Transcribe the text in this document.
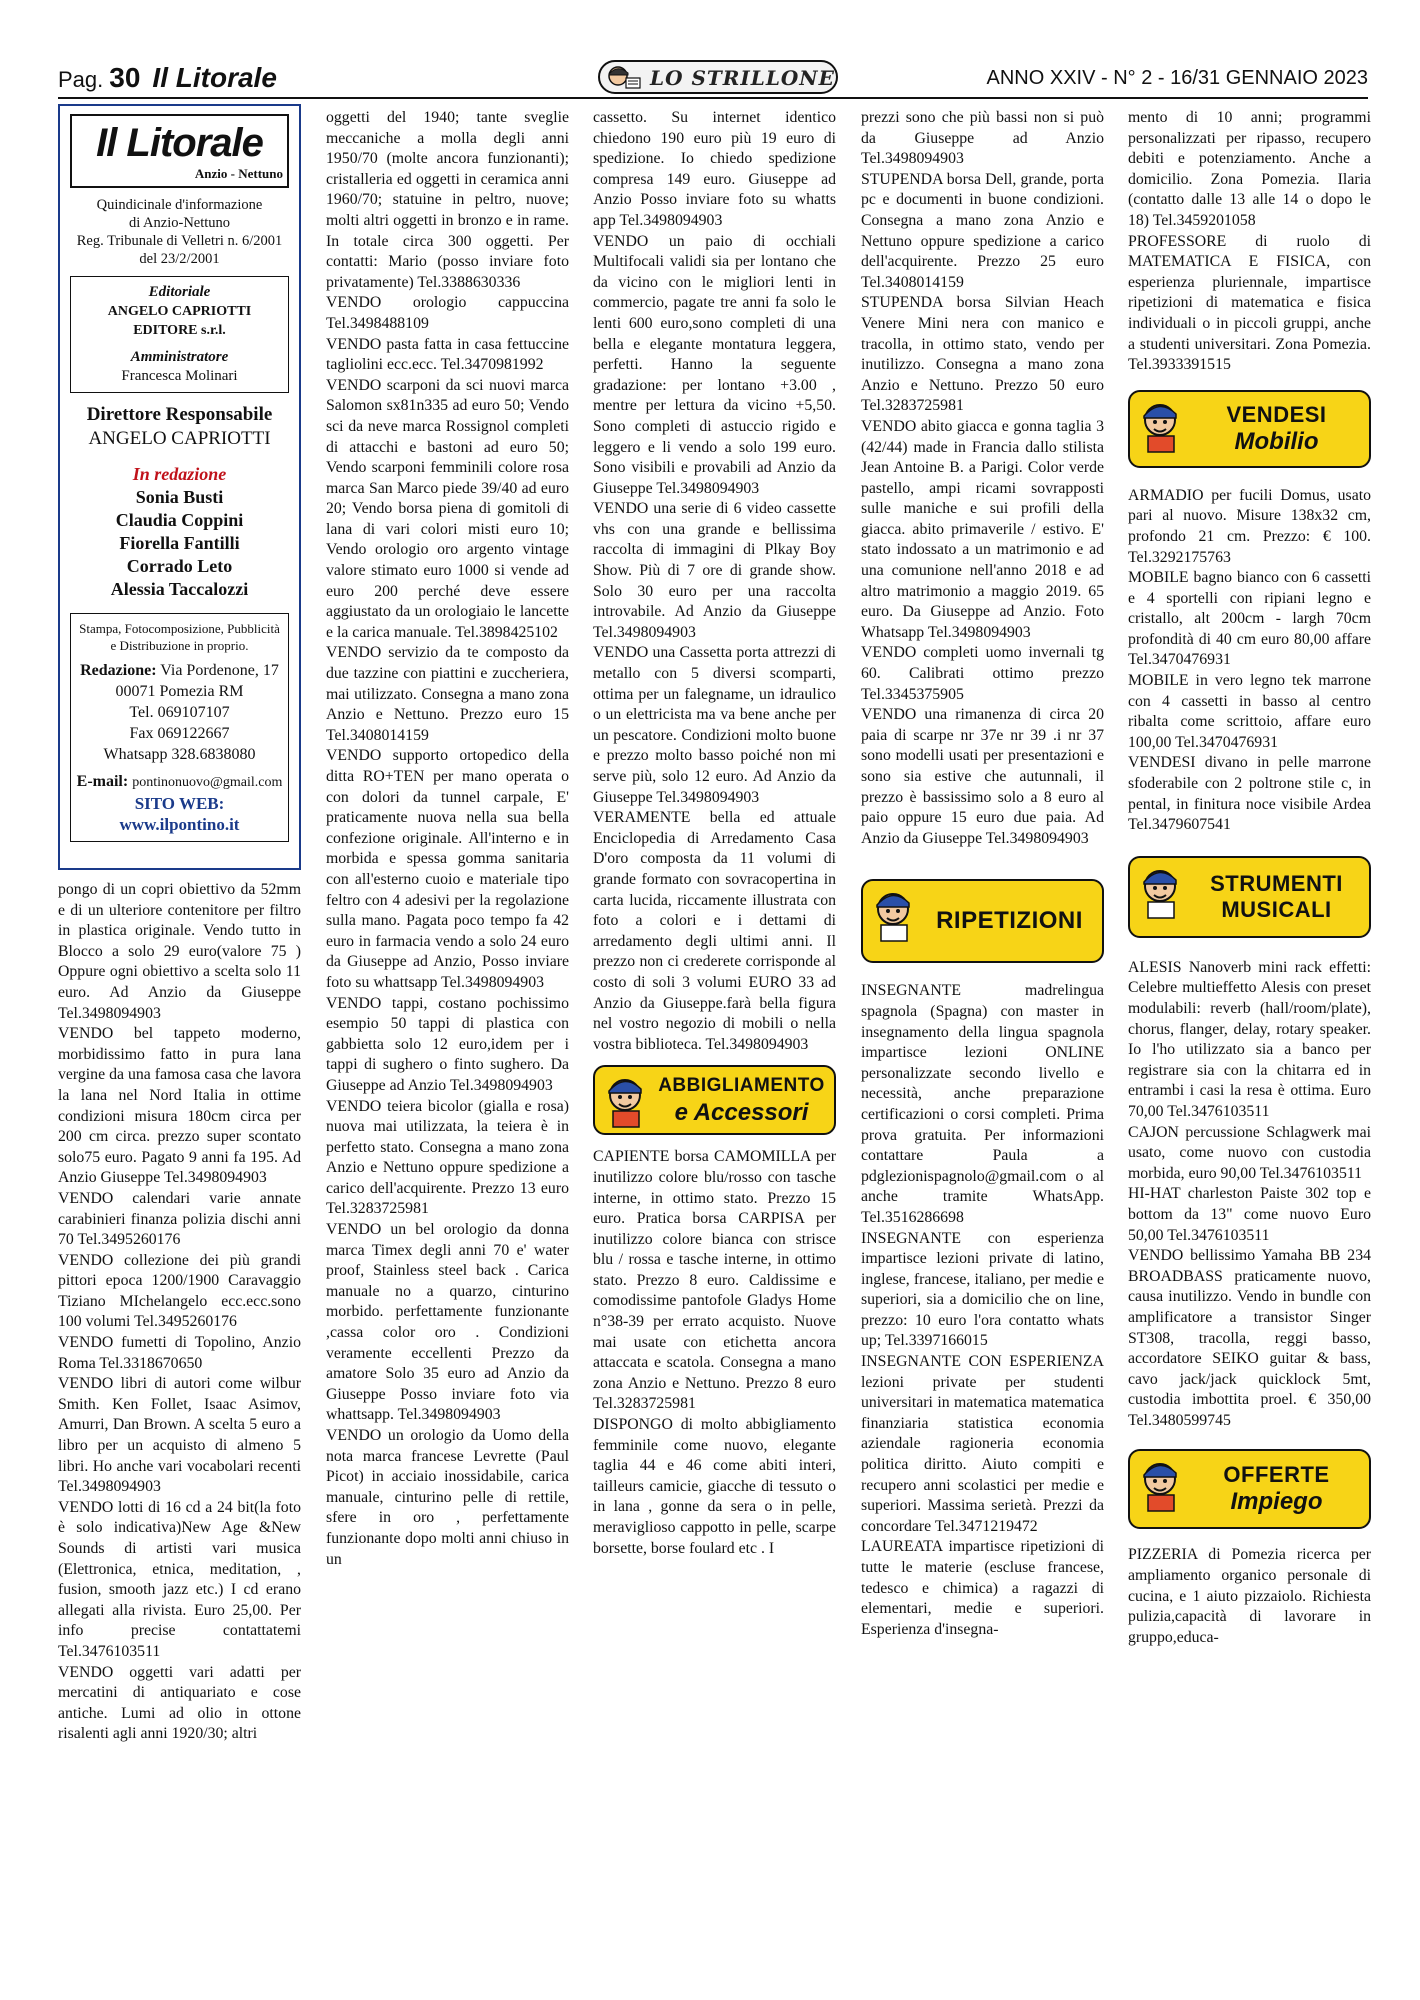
Pag. 30 Il Litorale	LO STRILLONE	ANNO XXIV - N° 2 - 16/31 GENNAIO 2023
Il Litorale
Anzio - Nettuno
Quindicinale d'informazione
di Anzio-Nettuno
Reg. Tribunale di Velletri n. 6/2001
del 23/2/2001
Editoriale
ANGELO CAPRIOTTI EDITORE s.r.l.
Amministratore
Francesca Molinari
Direttore Responsabile
ANGELO CAPRIOTTI
In redazione
Sonia Busti
Claudia Coppini
Fiorella Fantilli
Corrado Leto
Alessia Taccalozzi
Stampa, Fotocomposizione, Pubblicità e Distribuzione in proprio.
Redazione: Via Pordenone, 17
00071 Pomezia RM
Tel. 069107107
Fax 069122667
Whatsapp 328.6838080
E-mail: pontinonuovo@gmail.com
SITO WEB: www.ilpontino.it

pongo di un copri obiettivo da 52mm e di un ulteriore contenitore per filtro in plastica originale. Vendo tutto in Blocco a solo 29 euro(valore 75 ) Oppure ogni obiettivo a scelta solo 11 euro. Ad Anzio da Giuseppe Tel.3498094903

VENDO bel tappeto moderno, morbidissimo fatto in pura lana vergine da una famosa casa che lavora la lana nel Nord Italia in ottime condizioni misura 180cm circa per 200 cm circa. prezzo super scontato solo75 euro. Pagato 9 anni fa 195. Ad Anzio Giuseppe Tel.3498094903

VENDO calendari varie annate carabinieri finanza polizia dischi anni 70 Tel.3495260176

VENDO collezione dei più grandi pittori epoca 1200/1900 Caravaggio Tiziano MIchelangelo ecc.ecc.sono 100 volumi Tel.3495260176

VENDO fumetti di Topolino, Anzio Roma Tel.3318670650

VENDO libri di autori come wilbur Smith. Ken Follet, Isaac Asimov, Amurri, Dan Brown. A scelta 5 euro a libro per un acquisto di almeno 5 libri. Ho anche vari vocabolari recenti Tel.3498094903

VENDO lotti di 16 cd a 24 bit(la foto è solo indicativa)New Age &New Sounds di artisti vari musica (Elettronica, etnica, meditation, , fusion, smooth jazz etc.) I cd erano allegati alla rivista. Euro 25,00. Per info precise contattatemi Tel.3476103511

VENDO oggetti vari adatti per mercatini di antiquariato e cose antiche. Lumi ad olio in ottone risalenti agli anni 1920/30; altri

oggetti del 1940; tante sveglie meccaniche a molla degli anni 1950/70 (molte ancora funzionanti); cristalleria ed oggetti in ceramica anni 1960/70; statuine in peltro, nuove; molti altri oggetti in bronzo e in rame. In totale circa 300 oggetti. Per contatti: Mario (posso inviare foto privatamente) Tel.3388630336

VENDO orologio cappuccina Tel.3498488109

VENDO pasta fatta in casa fettuccine tagliolini ecc.ecc. Tel.3470981992

VENDO scarponi da sci nuovi marca Salomon sx81n335 ad euro 50; Vendo sci da neve marca Rossignol completi di attacchi e bastoni ad euro 50; Vendo scarponi femminili colore rosa marca San Marco piede 39/40 ad euro 20; Vendo borsa piena di gomitoli di lana di vari colori misti euro 10; Vendo orologio oro argento vintage valore stimato euro 1000 si vende ad euro 200 perché deve essere aggiustato da un orologiaio le lancette e la carica manuale. Tel.3898425102

VENDO servizio da te composto da due tazzine con piattini e zuccheriera, mai utilizzato. Consegna a mano zona Anzio e Nettuno. Prezzo euro 15 Tel.3408014159

VENDO supporto ortopedico della ditta RO+TEN per mano operata o con dolori da tunnel carpale, E' praticamente nuova nella sua bella confezione originale. All'interno e in morbida e spessa gomma sanitaria con all'esterno cuoio e materiale tipo feltro con 4 adesivi per la regolazione sulla mano. Pagata poco tempo fa 42 euro in farmacia vendo a solo 24 euro da Giuseppe ad Anzio, Posso inviare foto su whattsapp Tel.3498094903

VENDO tappi, costano pochissimo esempio 50 tappi di plastica con gabbietta solo 12 euro,idem per i tappi di sughero o finto sughero. Da Giuseppe ad Anzio Tel.3498094903

VENDO teiera bicolor (gialla e rosa) nuova mai utilizzata, la teiera è in perfetto stato. Consegna a mano zona Anzio e Nettuno oppure spedizione a carico dell'acquirente. Prezzo 13 euro Tel.3283725981

VENDO un bel orologio da donna marca Timex degli anni 70 e' water proof, Stainless steel back . Carica manuale no a quarzo, cinturino morbido. perfettamente funzionante ,cassa color oro . Condizioni veramente eccellenti Prezzo da amatore Solo 35 euro ad Anzio da Giuseppe Posso inviare foto via whattsapp. Tel.3498094903

VENDO un orologio da Uomo della nota marca francese Levrette (Paul Picot) in acciaio inossidabile, carica manuale, cinturino pelle di rettile, sfere in oro , perfettamente funzionante dopo molti anni chiuso in un

cassetto. Su internet identico chiedono 190 euro più 19 euro di spedizione. Io chiedo spedizione compresa 149 euro. Giuseppe ad Anzio Posso inviare foto su whatts app Tel.3498094903

VENDO un paio di occhiali Multifocali validi sia per lontano che da vicino con le migliori lenti in commercio, pagate tre anni fa solo le lenti 600 euro,sono completi di una bella e elegante montatura leggera, perfetti. Hanno la seguente gradazione: per lontano +3.00 , mentre per lettura da vicino +5,50. Sono completi di astuccio rigido e leggero e li vendo a solo 199 euro. Sono visibili e provabili ad Anzio da Giuseppe Tel.3498094903

VENDO una serie di 6 video cassette vhs con una grande e bellissima raccolta di immagini di Plkay Boy Show. Più di 7 ore di grande show. Solo 30 euro per una raccolta introvabile. Ad Anzio da Giuseppe Tel.3498094903

VENDO una Cassetta porta attrezzi di metallo con 5 diversi scomparti, ottima per un falegname, un idraulico o un elettricista ma va bene anche per un pescatore. Condizioni molto buone e prezzo molto basso poiché non mi serve più, solo 12 euro. Ad Anzio da Giuseppe Tel.3498094903

VERAMENTE bella ed attuale Enciclopedia di Arredamento Casa D'oro composta da 11 volumi di grande formato con sovracopertina in carta lucida, riccamente illustrata con foto a colori e i dettami di arredamento degli ultimi anni. Il prezzo non ci crederete corrisponde al costo di soli 3 volumi EURO 33 ad Anzio da Giuseppe.farà bella figura nel vostro negozio di mobili o nella vostra biblioteca. Tel.3498094903

ABBIGLIAMENTO
e Accessori

CAPIENTE borsa CAMOMILLA per inutilizzo colore blu/rosso con tasche interne, in ottimo stato. Prezzo 15 euro. Pratica borsa CARPISA per inutilizzo colore bianca con strisce blu / rossa e tasche interne, in ottimo stato. Prezzo 8 euro. Caldissime e comodissime pantofole Gladys Home n°38-39 per errato acquisto. Nuove mai usate con etichetta ancora attaccata e scatola. Consegna a mano zona Anzio e Nettuno. Prezzo 8 euro Tel.3283725981

DISPONGO di molto abbigliamento femminile come nuovo, elegante taglia 44 e 46 come abiti interi, tailleurs camicie, giacche di tessuto o in lana , gonne da sera o in pelle, meraviglioso cappotto in pelle, scarpe borsette, borse foulard etc . I

prezzi sono che più bassi non si può da Giuseppe ad Anzio Tel.3498094903

STUPENDA borsa Dell, grande, porta pc e documenti in buone condizioni. Consegna a mano zona Anzio e Nettuno oppure spedizione a carico dell'acquirente. Prezzo 25 euro Tel.3408014159

STUPENDA borsa Silvian Heach Venere Mini nera con manico e tracolla, in ottimo stato, vendo per inutilizzo. Consegna a mano zona Anzio e Nettuno. Prezzo 50 euro Tel.3283725981

VENDO abito giacca e gonna taglia 3 (42/44) made in Francia dallo stilista Jean Antoine B. a Parigi. Color verde pastello, ampi ricami sovrapposti sulle maniche e sui profili della giacca. abito primaverile / estivo. E' stato indossato a un matrimonio e ad una comunione nell'anno 2018 e ad altro matrimonio a maggio 2019. 65 euro. Da Giuseppe ad Anzio. Foto Whatsapp Tel.3498094903

VENDO completi uomo invernali tg 60. Calibrati ottimo prezzo Tel.3345375905

VENDO una rimanenza di circa 20 paia di scarpe nr 37e nr 39 .i nr 37 sono modelli usati per presentazioni e sono sia estive che autunnali, il prezzo è bassissimo solo a 8 euro al paio oppure 15 euro due paia. Ad Anzio da Giuseppe Tel.3498094903

RIPETIZIONI

INSEGNANTE madrelingua spagnola (Spagna) con master in insegnamento della lingua spagnola impartisce lezioni ONLINE personalizzate secondo livello e necessità, anche preparazione certificazioni o corsi completi. Prima prova gratuita. Per informazioni contattare Paula a pdglezionispagnolo@gmail.com o al anche tramite WhatsApp. Tel.3516286698

INSEGNANTE con esperienza impartisce lezioni private di latino, inglese, francese, italiano, per medie e superiori, sia a domicilio che on line, prezzo: 10 euro l'ora contatto whats up; Tel.3397166015

INSEGNANTE CON ESPERIENZA lezioni private per studenti universitari in matematica matematica finanziaria statistica economia aziendale ragioneria economia politica diritto. Aiuto compiti e recupero anni scolastici per medie e superiori. Massima serietà. Prezzi da concordare Tel.3471219472

LAUREATA impartisce ripetizioni di tutte le materie (escluse francese, tedesco e chimica) a ragazzi di elementari, medie e superiori. Esperienza d'insegna-

mento di 10 anni; programmi personalizzati per ripasso, recupero debiti e potenziamento. Anche a domicilio. Zona Pomezia. Ilaria (contatto dalle 13 alle 14 o dopo le 18) Tel.3459201058

PROFESSORE di ruolo di MATEMATICA E FISICA, con esperienza pluriennale, impartisce ripetizioni di matematica e fisica individuali o in piccoli gruppi, anche a studenti universitari. Zona Pomezia. Tel.3933391515

VENDESI
Mobilio

ARMADIO per fucili Domus, usato pari al nuovo. Misure 138x32 cm, profondo 21 cm. Prezzo: € 100. Tel.3292175763

MOBILE bagno bianco con 6 cassetti e 4 sportelli con ripiani legno e cristallo, alt 200cm - largh 70cm profondità di 40 cm euro 80,00 affare Tel.3470476931

MOBILE in vero legno tek marrone con 4 cassetti in basso al centro ribalta come scrittoio, affare euro 100,00 Tel.3470476931

VENDESI divano in pelle marrone sfoderabile con 2 poltrone stile c, in pental, in finitura noce visibile Ardea Tel.3479607541

STRUMENTI
MUSICALI

ALESIS Nanoverb mini rack effetti: Celebre multieffetto Alesis con preset modulabili: reverb (hall/room/plate), chorus, flanger, delay, rotary speaker. Io l'ho utilizzato sia a banco per registrare sia con la chitarra ed in entrambi i casi la resa è ottima. Euro 70,00 Tel.3476103511

CAJON percussione Schlagwerk mai usato, come nuovo con custodia morbida, euro 90,00 Tel.3476103511

HI-HAT charleston Paiste 302 top e bottom da 13" come nuovo Euro 50,00 Tel.3476103511

VENDO bellissimo Yamaha BB 234 BROADBASS praticamente nuovo, causa inutilizzo. Vendo in bundle con amplificatore a transistor Singer ST308, tracolla, reggi basso, accordatore SEIKO guitar & bass, cavo jack/jack quicklock 5mt, custodia imbottita proel. € 350,00 Tel.3480599745

OFFERTE
Impiego

PIZZERIA di Pomezia ricerca per ampliamento organico personale di cucina, e 1 aiuto pizzaiolo. Richiesta pulizia,capacità di lavorare in gruppo,educa-
